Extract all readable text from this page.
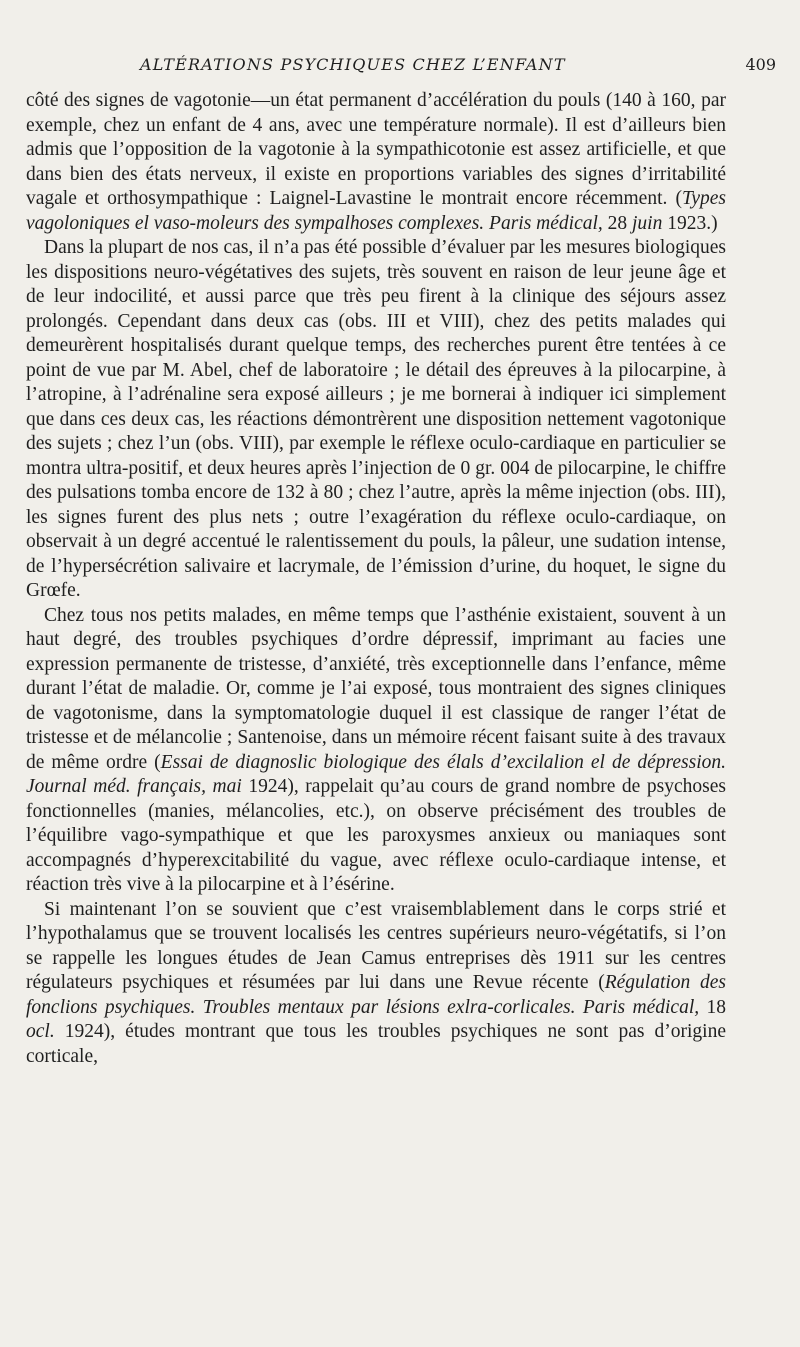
ALTÉRATIONS PSYCHIQUES CHEZ L’ENFANT	409

côté des signes de vagotonie—un état permanent d’accélération du pouls (140 à 160, par exemple, chez un enfant de 4 ans, avec une température normale). Il est d’ailleurs bien admis que l’opposition de la vagotonie à la sympathicotonie est assez artificielle, et que dans bien des états nerveux, il existe en proportions variables des signes d’irritabilité vagale et orthosympathique : Laignel-Lavastine le montrait encore récemment. (Types vagoloniques el vaso-moleurs des sympalhoses complexes. Paris médical, 28 juin 1923.)

Dans la plupart de nos cas, il n’a pas été possible d’évaluer par les mesures biologiques les dispositions neuro-végétatives des sujets, très souvent en raison de leur jeune âge et de leur indocilité, et aussi parce que très peu firent à la clinique des séjours assez prolongés. Cependant dans deux cas (obs. III et VIII), chez des petits malades qui demeurèrent hospitalisés durant quelque temps, des recherches purent être tentées à ce point de vue par M. Abel, chef de laboratoire ; le détail des épreuves à la pilocarpine, à l’atropine, à l’adrénaline sera exposé ailleurs ; je me bornerai à indiquer ici simplement que dans ces deux cas, les réactions démontrèrent une disposition nettement vagotonique des sujets ; chez l’un (obs. VIII), par exemple le réflexe oculo-cardiaque en particulier se montra ultra-positif, et deux heures après l’injection de 0 gr. 004 de pilocarpine, le chiffre des pulsations tomba encore de 132 à 80 ; chez l’autre, après la même injection (obs. III), les signes furent des plus nets ; outre l’exagération du réflexe oculo-cardiaque, on observait à un degré accentué le ralentissement du pouls, la pâleur, une sudation intense, de l’hypersécrétion salivaire et lacrymale, de l’émission d’urine, du hoquet, le signe du Grœfe.

Chez tous nos petits malades, en même temps que l’asthénie existaient, souvent à un haut degré, des troubles psychiques d’ordre dépressif, imprimant au facies une expression permanente de tristesse, d’anxiété, très exceptionnelle dans l’enfance, même durant l’état de maladie. Or, comme je l’ai exposé, tous montraient des signes cliniques de vagotonisme, dans la symptomatologie duquel il est classique de ranger l’état de tristesse et de mélancolie ; Santenoise, dans un mémoire récent faisant suite à des travaux de même ordre (Essai de diagnoslic biologique des élals d’excilalion el de dépression. Journal méd. français, mai 1924), rappelait qu’au cours de grand nombre de psychoses fonctionnelles (manies, mélancolies, etc.), on observe précisément des troubles de l’équilibre vago-sympathique et que les paroxysmes anxieux ou maniaques sont accompagnés d’hyperexcitabilité du vague, avec réflexe oculo-cardiaque intense, et réaction très vive à la pilocarpine et à l’ésérine.

Si maintenant l’on se souvient que c’est vraisemblablement dans le corps strié et l’hypothalamus que se trouvent localisés les centres supérieurs neuro-végétatifs, si l’on se rappelle les longues études de Jean Camus entreprises dès 1911 sur les centres régulateurs psychiques et résumées par lui dans une Revue récente (Régulation des fonclions psychiques. Troubles mentaux par lésions exlra-corlicales. Paris médical, 18 ocl. 1924), études montrant que tous les troubles psychiques ne sont pas d’origine corticale,
